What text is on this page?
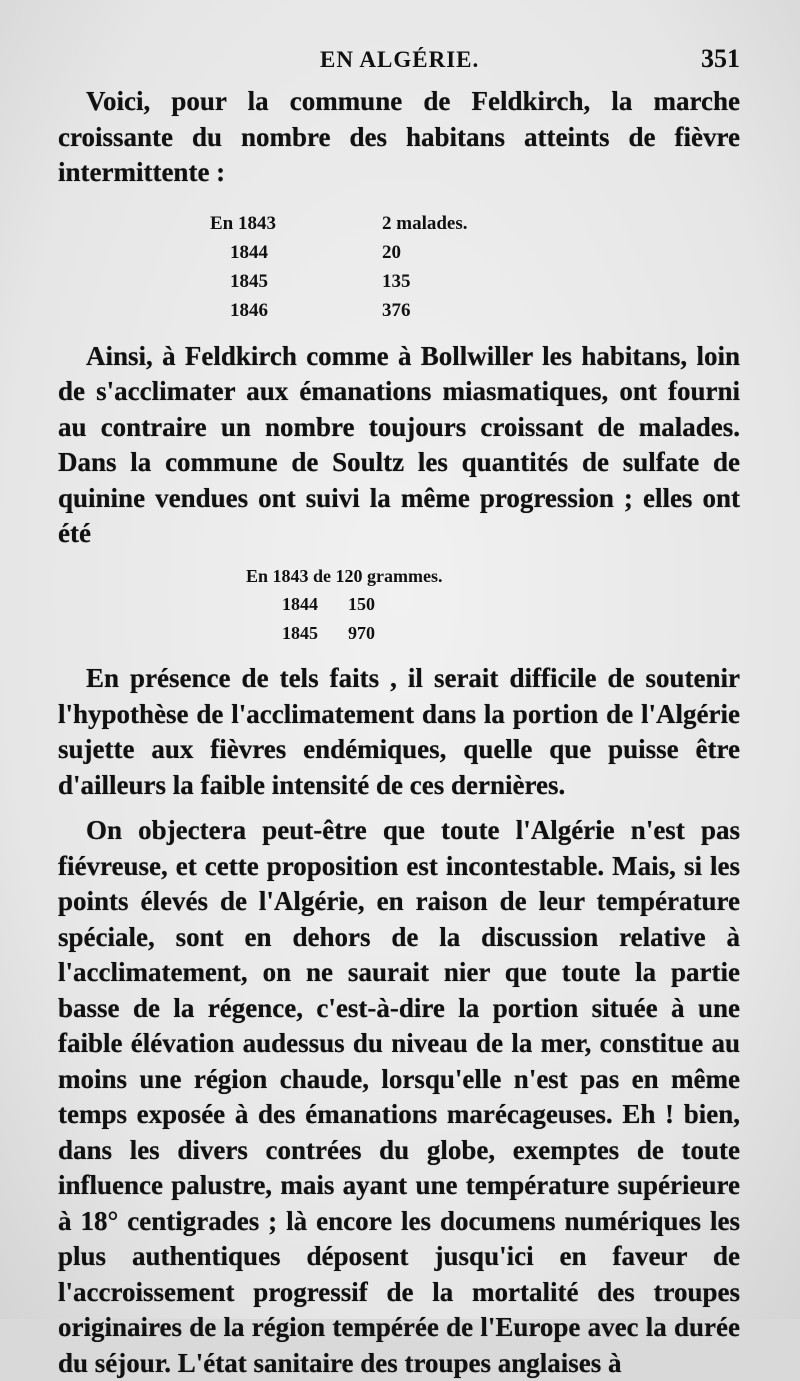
EN ALGÉRIE.	351

Voici, pour la commune de Feldkirch, la marche croissante du nombre des habitans atteints de fièvre intermittente :

En 1843	2 malades.
1844	20
1845	135
1846	376

Ainsi, à Feldkirch comme à Bollwiller les habitans, loin de s'acclimater aux émanations miasmatiques, ont fourni au contraire un nombre toujours croissant de malades. Dans la commune de Soultz les quantités de sulfate de quinine vendues ont suivi la même progression ; elles ont été

En 1843 de 120 grammes.
1844	150
1845	970

En présence de tels faits , il serait difficile de soutenir l'hypothèse de l'acclimatement dans la portion de l'Algérie sujette aux fièvres endémiques, quelle que puisse être d'ailleurs la faible intensité de ces dernières.

On objectera peut-être que toute l'Algérie n'est pas fiévreuse, et cette proposition est incontestable. Mais, si les points élevés de l'Algérie, en raison de leur température spéciale, sont en dehors de la discussion relative à l'acclimatement, on ne saurait nier que toute la partie basse de la régence, c'est-à-dire la portion située à une faible élévation audessus du niveau de la mer, constitue au moins une région chaude, lorsqu'elle n'est pas en même temps exposée à des émanations marécageuses. Eh ! bien, dans les divers contrées du globe, exemptes de toute influence palustre, mais ayant une température supérieure à 18° centigrades ; là encore les documens numériques les plus authentiques déposent jusqu'ici en faveur de l'accroissement progressif de la mortalité des troupes originaires de la région tempérée de l'Europe avec la durée du séjour. L'état sanitaire des troupes anglaises à
